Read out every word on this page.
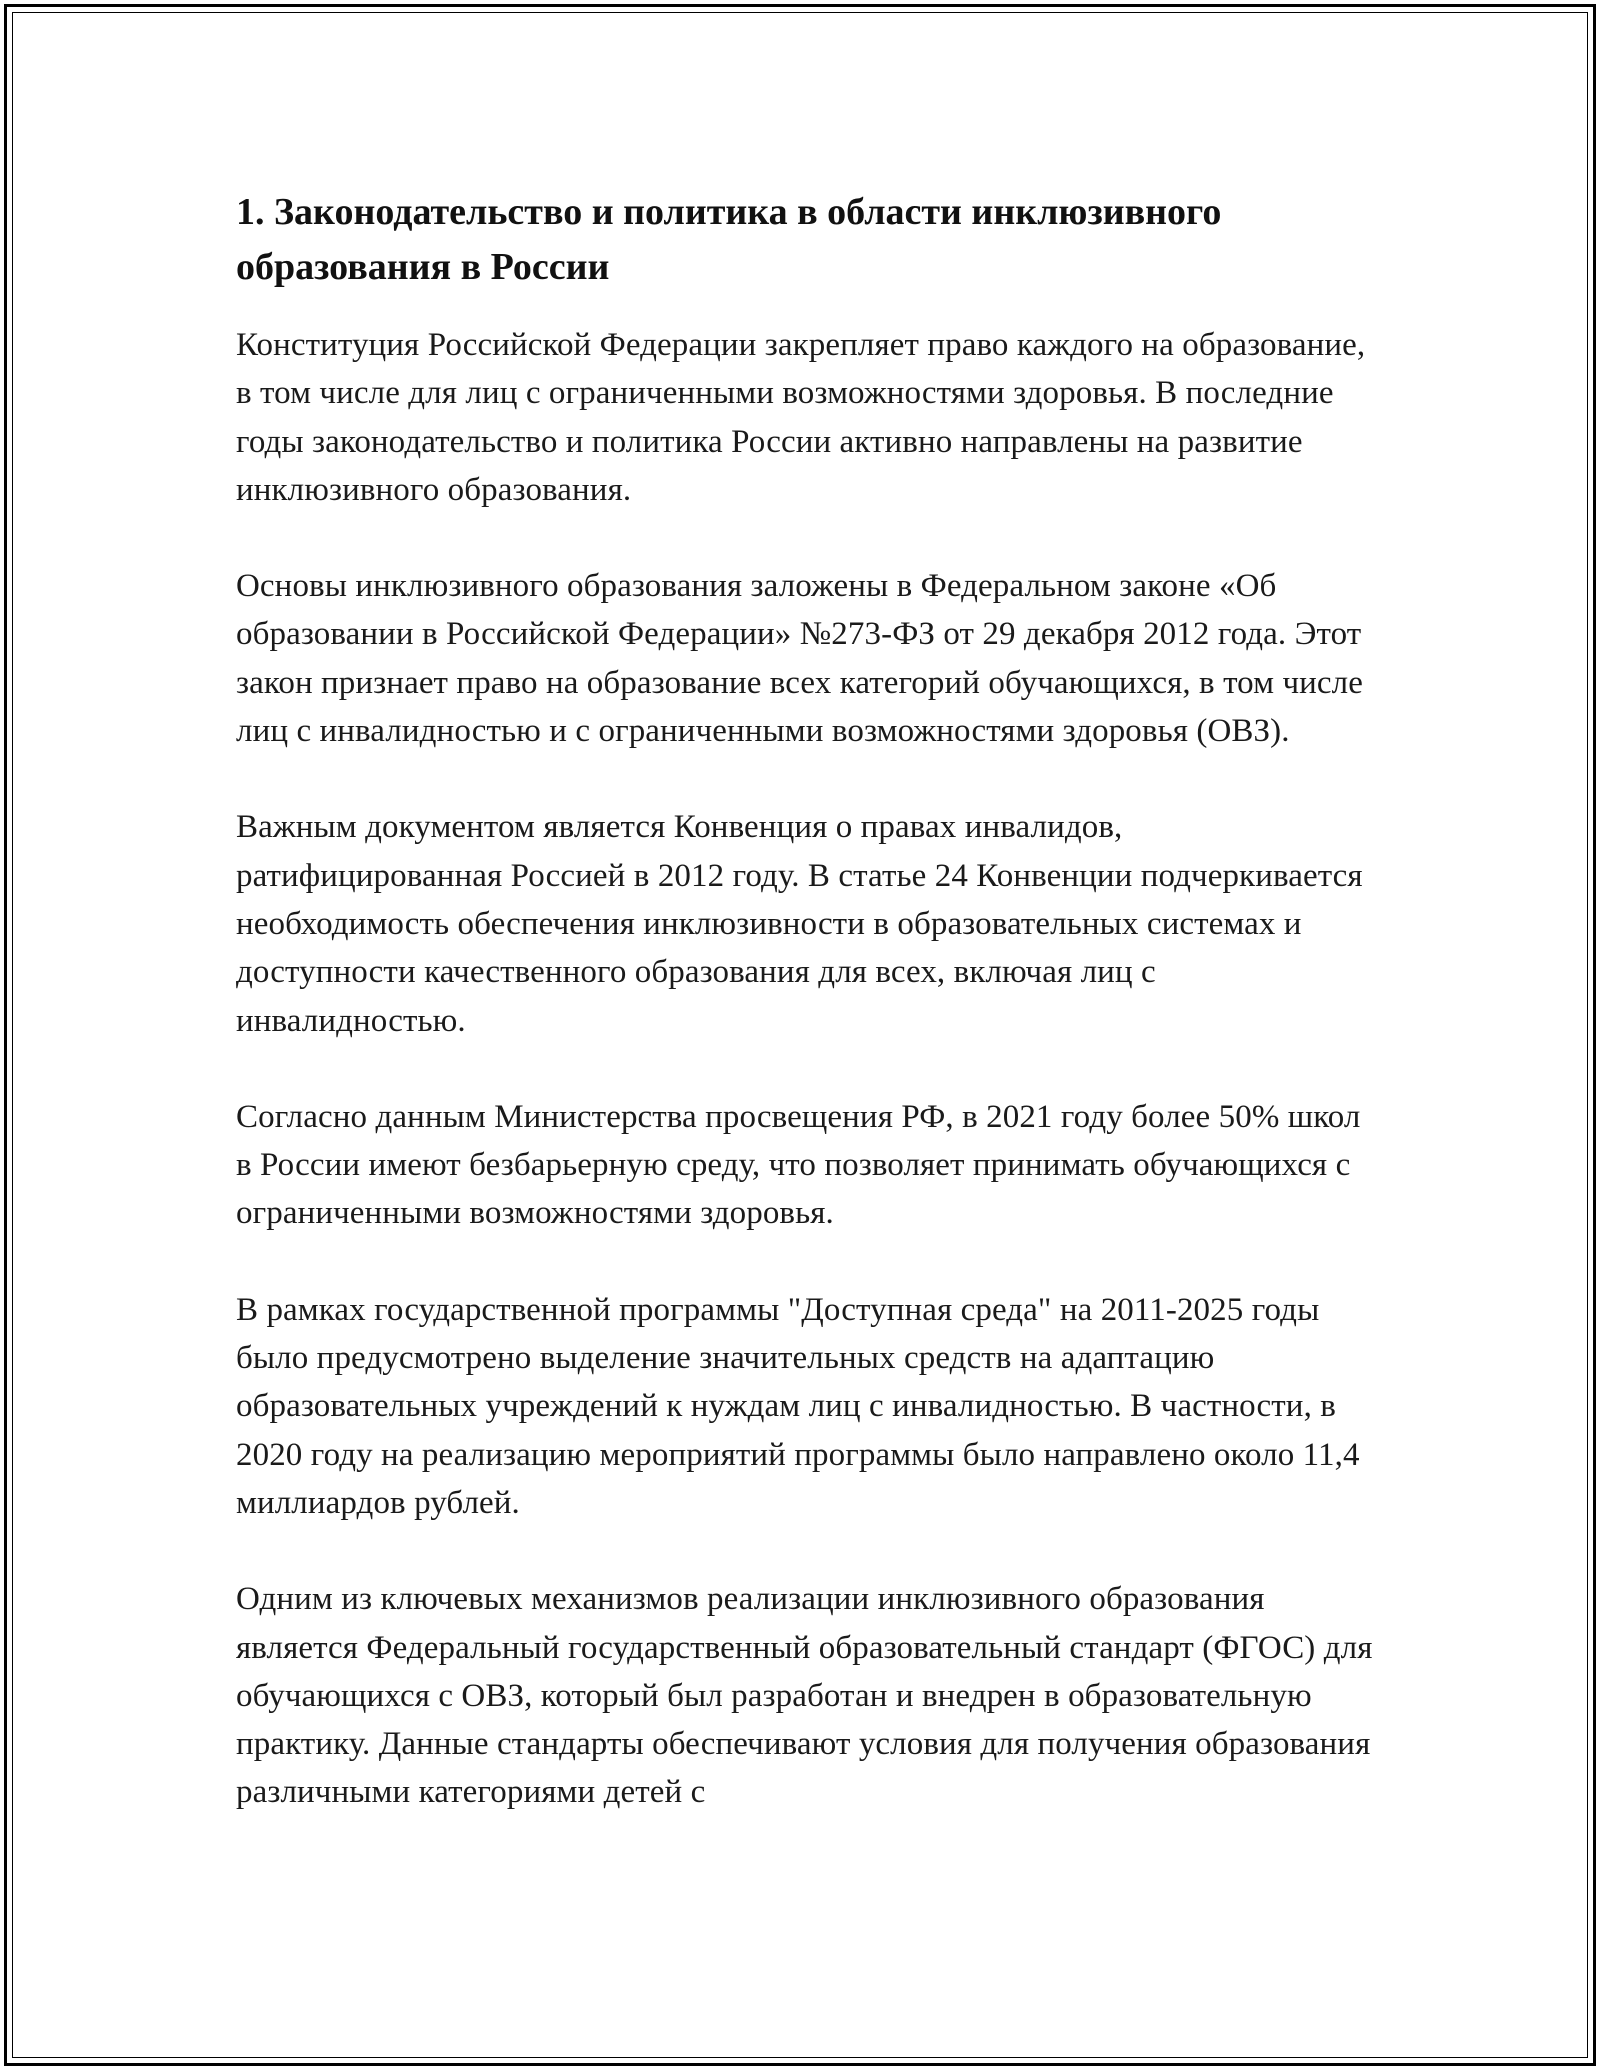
1. Законодательство и политика в области инклюзивного образования в России

Конституция Российской Федерации закрепляет право каждого на образование, в том числе для лиц с ограниченными возможностями здоровья. В последние годы законодательство и политика России активно направлены на развитие инклюзивного образования.

Основы инклюзивного образования заложены в Федеральном законе «Об образовании в Российской Федерации» №273-ФЗ от 29 декабря 2012 года. Этот закон признает право на образование всех категорий обучающихся, в том числе лиц с инвалидностью и с ограниченными возможностями здоровья (ОВЗ).

Важным документом является Конвенция о правах инвалидов, ратифицированная Россией в 2012 году. В статье 24 Конвенции подчеркивается необходимость обеспечения инклюзивности в образовательных системах и доступности качественного образования для всех, включая лиц с инвалидностью.

Согласно данным Министерства просвещения РФ, в 2021 году более 50% школ в России имеют безбарьерную среду, что позволяет принимать обучающихся с ограниченными возможностями здоровья.

В рамках государственной программы "Доступная среда" на 2011-2025 годы было предусмотрено выделение значительных средств на адаптацию образовательных учреждений к нуждам лиц с инвалидностью. В частности, в 2020 году на реализацию мероприятий программы было направлено около 11,4 миллиардов рублей.

Одним из ключевых механизмов реализации инклюзивного образования является Федеральный государственный образовательный стандарт (ФГОС) для обучающихся с ОВЗ, который был разработан и внедрен в образовательную практику. Данные стандарты обеспечивают условия для получения образования различными категориями детей с
